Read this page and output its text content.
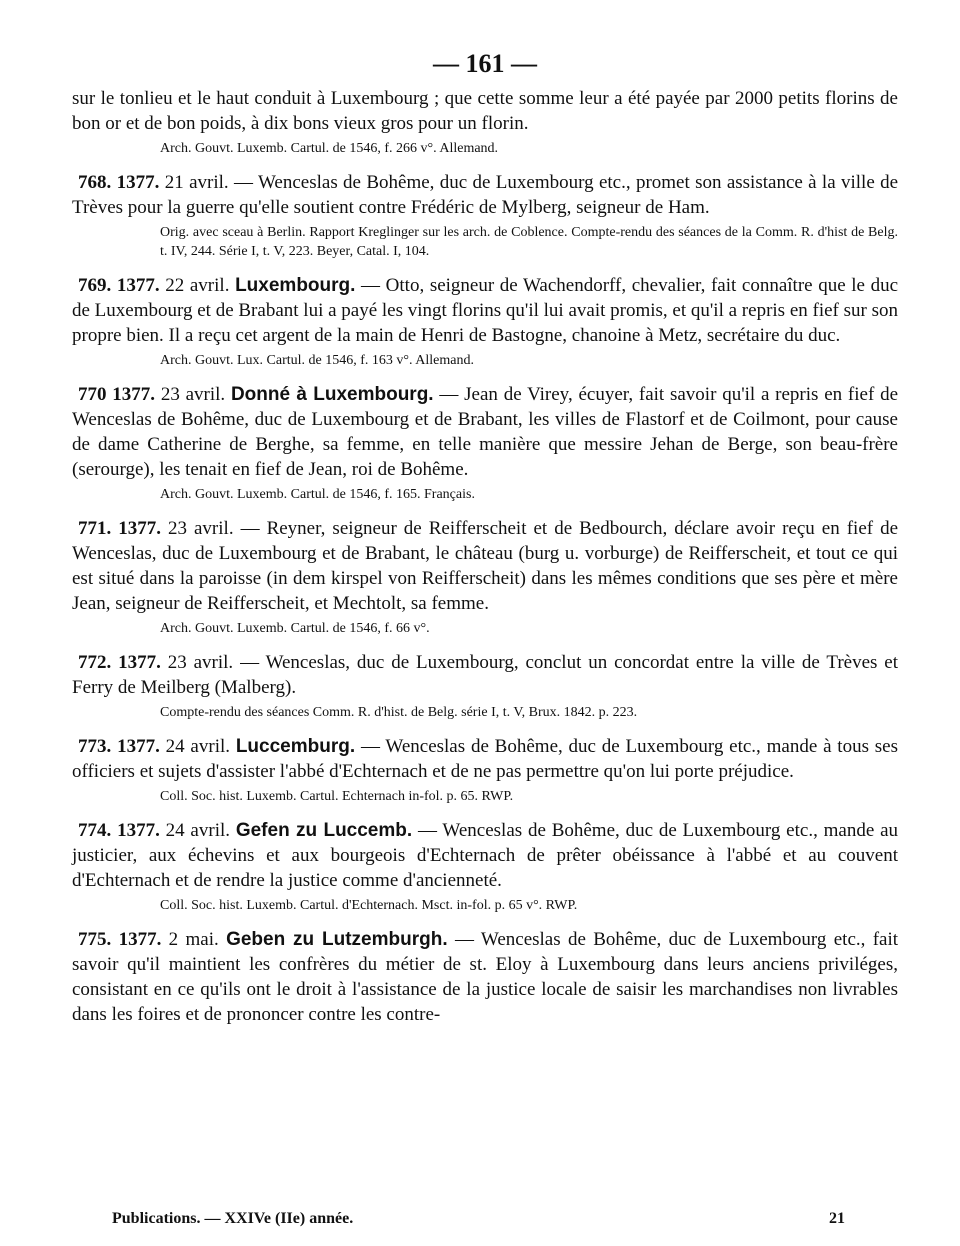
— 161 —

sur le tonlieu et le haut conduit à Luxembourg ; que cette somme leur a été payée par 2000 petits florins de bon or et de bon poids, à dix bons vieux gros pour un florin.

Arch. Gouvt. Luxemb. Cartul. de 1546, f. 266 v°. Allemand.

768. 1377. 21 avril. — Wenceslas de Bohême, duc de Luxembourg etc., promet son assistance à la ville de Trèves pour la guerre qu'elle soutient contre Frédéric de Mylberg, seigneur de Ham.

Orig. avec sceau à Berlin. Rapport Kreglinger sur les arch. de Coblence. Compte-rendu des séances de la Comm. R. d'hist de Belg. t. IV, 244. Série I, t. V, 223. Beyer, Catal. I, 104.

769. 1377. 22 avril. Luxembourg. — Otto, seigneur de Wachendorff, chevalier, fait connaître que le duc de Luxembourg et de Brabant lui a payé les vingt florins qu'il lui avait promis, et qu'il a repris en fief sur son propre bien. Il a reçu cet argent de la main de Henri de Bastogne, chanoine à Metz, secrétaire du duc.

Arch. Gouvt. Lux. Cartul. de 1546, f. 163 v°. Allemand.

770 1377. 23 avril. Donné à Luxembourg. — Jean de Virey, écuyer, fait savoir qu'il a repris en fief de Wenceslas de Bohême, duc de Luxembourg et de Brabant, les villes de Flastorf et de Coilmont, pour cause de dame Catherine de Berghe, sa femme, en telle manière que messire Jehan de Berge, son beau-frère (serourge), les tenait en fief de Jean, roi de Bohême.

Arch. Gouvt. Luxemb. Cartul. de 1546, f. 165. Français.

771. 1377. 23 avril. — Reyner, seigneur de Reifferscheit et de Bedbourch, déclare avoir reçu en fief de Wenceslas, duc de Luxembourg et de Brabant, le château (burg u. vorburge) de Reifferscheit, et tout ce qui est situé dans la paroisse (in dem kirspel von Reifferscheit) dans les mêmes conditions que ses père et mère Jean, seigneur de Reifferscheit, et Mechtolt, sa femme.

Arch. Gouvt. Luxemb. Cartul. de 1546, f. 66 v°.

772. 1377. 23 avril. — Wenceslas, duc de Luxembourg, conclut un concordat entre la ville de Trèves et Ferry de Meilberg (Malberg).

Compte-rendu des séances Comm. R. d'hist. de Belg. série I, t. V, Brux. 1842. p. 223.

773. 1377. 24 avril. Luccemburg. — Wenceslas de Bohême, duc de Luxembourg etc., mande à tous ses officiers et sujets d'assister l'abbé d'Echternach et de ne pas permettre qu'on lui porte préjudice.

Coll. Soc. hist. Luxemb. Cartul. Echternach in-fol. p. 65. RWP.

774. 1377. 24 avril. Gefen zu Luccemb. — Wenceslas de Bohême, duc de Luxembourg etc., mande au justicier, aux échevins et aux bourgeois d'Echternach de prêter obéissance à l'abbé et au couvent d'Echternach et de rendre la justice comme d'ancienneté.

Coll. Soc. hist. Luxemb. Cartul. d'Echternach. Msct. in-fol. p. 65 v°. RWP.

775. 1377. 2 mai. Geben zu Lutzemburgh. — Wenceslas de Bohême, duc de Luxembourg etc., fait savoir qu'il maintient les confrères du métier de st. Eloy à Luxembourg dans leurs anciens priviléges, consistant en ce qu'ils ont le droit à l'assistance de la justice locale de saisir les marchandises non livrables dans les foires et de prononcer contre les contre-

Publications. — XXIVe (IIe) année.	21
